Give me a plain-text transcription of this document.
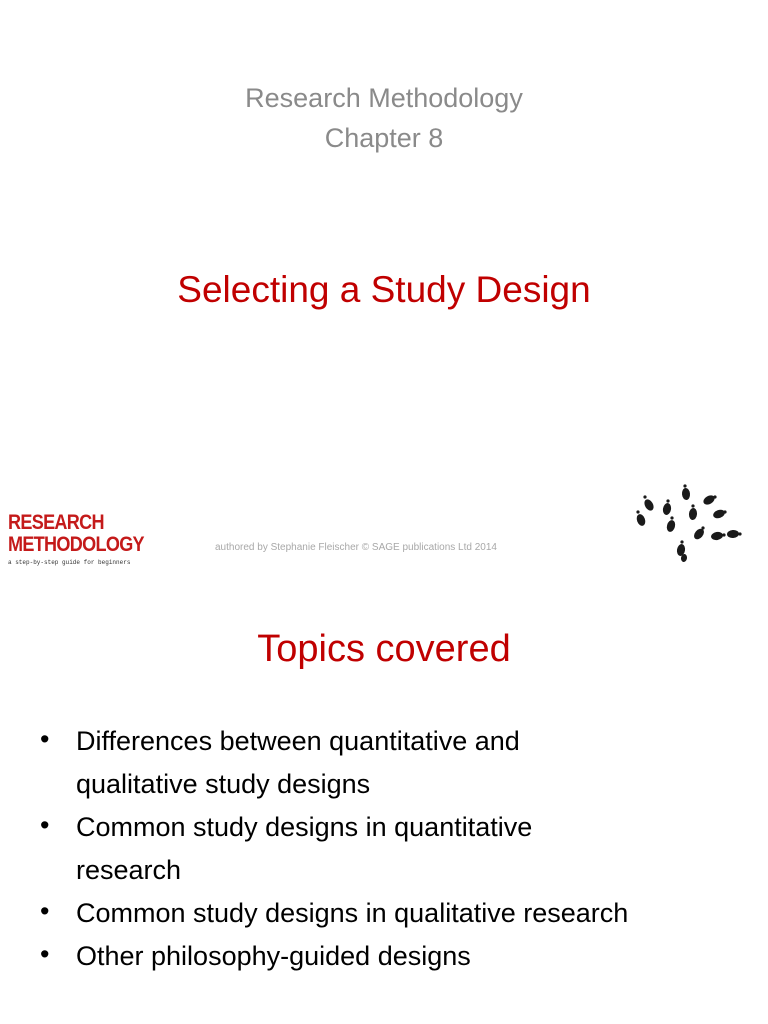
Research Methodology
Chapter 8
Selecting a Study Design
RESEARCH
METHODOLOGY
a step-by-step guide for beginners
authored by Stephanie Fleischer © SAGE publications Ltd 2014
Topics covered
• Differences between quantitative and
qualitative study designs
• Common study designs in quantitative
research
• Common study designs in qualitative research
• Other philosophy-guided designs
